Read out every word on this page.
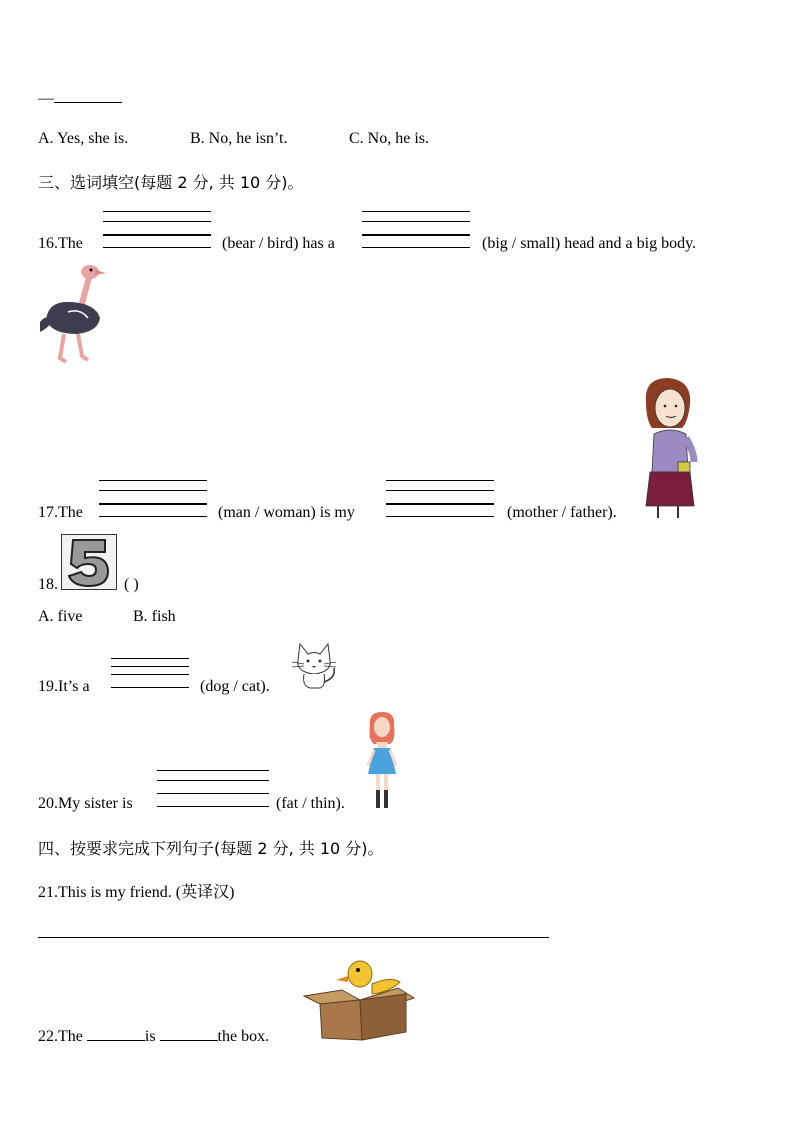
—
A. Yes, she is.	B. No, he isn’t.	C. No, he is.
三、选词填空(每题 2 分, 共 10 分)。
16.The	(bear / bird) has a	(big / small) head and a big body.
17.The	(man / woman) is my	(mother / father).
18.	( )
A. five	B. fish
19.It’s a	(dog / cat).
20.My sister is	(fat / thin).
四、按要求完成下列句子(每题 2 分, 共 10 分)。
21.This is my friend. (英译汉)
22.The	is	the box.
